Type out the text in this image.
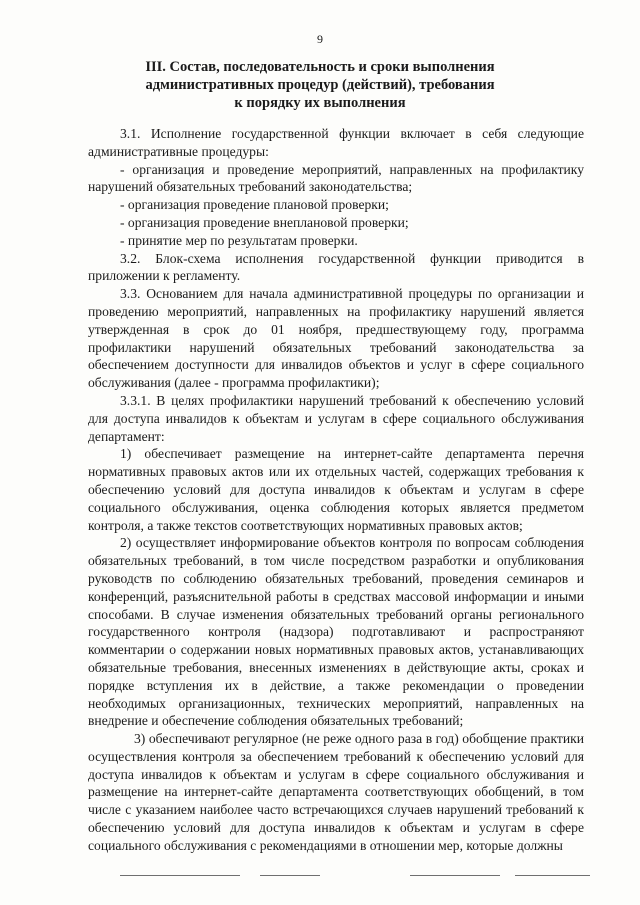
9
III. Состав, последовательность и сроки выполнения
административных процедур (действий), требования
к порядку их выполнения

3.1. Исполнение государственной функции включает в себя следующие административные процедуры:

- организация и проведение мероприятий, направленных на профилактику нарушений обязательных требований законодательства;

- организация проведение плановой проверки;

- организация проведение внеплановой проверки;

- принятие мер по результатам проверки.

3.2. Блок-схема исполнения государственной функции приводится в приложении к регламенту.

3.3. Основанием для начала административной процедуры по организации и проведению мероприятий, направленных на профилактику нарушений является утвержденная в срок до 01 ноября, предшествующему году, программа профилактики нарушений обязательных требований законодательства за обеспечением доступности для инвалидов объектов и услуг в сфере социального обслуживания (далее - программа профилактики);

3.3.1. В целях профилактики нарушений требований к обеспечению условий для доступа инвалидов к объектам и услугам в сфере социального обслуживания департамент:

1) обеспечивает размещение на интернет-сайте департамента перечня нормативных правовых актов или их отдельных частей, содержащих требования к обеспечению условий для доступа инвалидов к объектам и услугам в сфере социального обслуживания, оценка соблюдения которых является предметом контроля, а также текстов соответствующих нормативных правовых актов;

2) осуществляет информирование объектов контроля по вопросам соблюдения обязательных требований, в том числе посредством разработки и опубликования руководств по соблюдению обязательных требований, проведения семинаров и конференций, разъяснительной работы в средствах массовой информации и иными способами. В случае изменения обязательных требований органы регионального государственного контроля (надзора) подготавливают и распространяют комментарии о содержании новых нормативных правовых актов, устанавливающих обязательные требования, внесенных изменениях в действующие акты, сроках и порядке вступления их в действие, а также рекомендации о проведении необходимых организационных, технических мероприятий, направленных на внедрение и обеспечение соблюдения обязательных требований;

3) обеспечивают регулярное (не реже одного раза в год) обобщение практики осуществления контроля за обеспечением требований к обеспечению условий для доступа инвалидов к объектам и услугам в сфере социального обслуживания и размещение на интернет-сайте департамента соответствующих обобщений, в том числе с указанием наиболее часто встречающихся случаев нарушений требований к обеспечению условий для доступа инвалидов к объектам и услугам в сфере социального обслуживания с рекомендациями в отношении мер, которые должны
